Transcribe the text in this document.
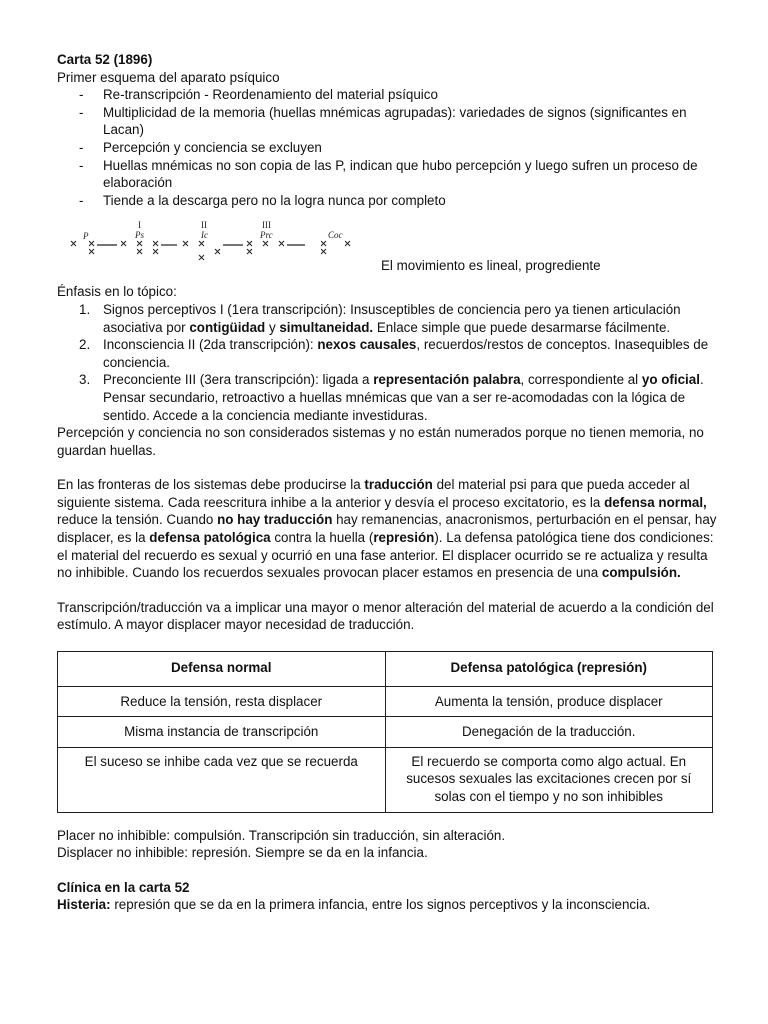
Carta 52 (1896)

Primer esquema del aparato psíquico

- Re-transcripción - Reordenamiento del material psíquico
- Multiplicidad de la memoria (huellas mnémicas agrupadas): variedades de signos (significantes en Lacan)
- Percepción y conciencia se excluyen
- Huellas mnémicas no son copia de las P, indican que hubo percepción y luego sufren un proceso de elaboración
- Tiende a la descarga pero no la logra nunca por completo
P
I
Ps
II
Ic
III
Prc	Coc
El movimiento es lineal, progrediente

Énfasis en lo tópico:

1. Signos perceptivos I (1era transcripción): Insusceptibles de conciencia pero ya tienen articulación asociativa por contigüidad y simultaneidad. Enlace simple que puede desarmarse fácilmente.
2. Inconsciencia II (2da transcripción): nexos causales, recuerdos/restos de conceptos. Inasequibles de conciencia.
3. Preconciente III (3era transcripción): ligada a representación palabra, correspondiente al yo oficial. Pensar secundario, retroactivo a huellas mnémicas que van a ser re-acomodadas con la lógica de sentido. Accede a la conciencia mediante investiduras.

Percepción y conciencia no son considerados sistemas y no están numerados porque no tienen memoria, no guardan huellas.

En las fronteras de los sistemas debe producirse la traducción del material psi para que pueda acceder al siguiente sistema. Cada reescritura inhibe a la anterior y desvía el proceso excitatorio, es la defensa normal, reduce la tensión. Cuando no hay traducción hay remanencias, anacronismos, perturbación en el pensar, hay displacer, es la defensa patológica contra la huella (represión). La defensa patológica tiene dos condiciones: el material del recuerdo es sexual y ocurrió en una fase anterior. El displacer ocurrido se re actualiza y resulta no inhibible. Cuando los recuerdos sexuales provocan placer estamos en presencia de una compulsión.

Transcripción/traducción va a implicar una mayor o menor alteración del material de acuerdo a la condición del estímulo. A mayor displacer mayor necesidad de traducción.

Defensa normal	Defensa patológica (represión)
Reduce la tensión, resta displacer	Aumenta la tensión, produce displacer
Misma instancia de transcripción	Denegación de la traducción.
El suceso se inhibe cada vez que se recuerda	El recuerdo se comporta como algo actual. En sucesos sexuales las excitaciones crecen por sí solas con el tiempo y no son inhibibles

Placer no inhibible: compulsión. Transcripción sin traducción, sin alteración.

Displacer no inhibible: represión. Siempre se da en la infancia.

Clínica en la carta 52

Histeria: represión que se da en la primera infancia, entre los signos perceptivos y la inconsciencia.
